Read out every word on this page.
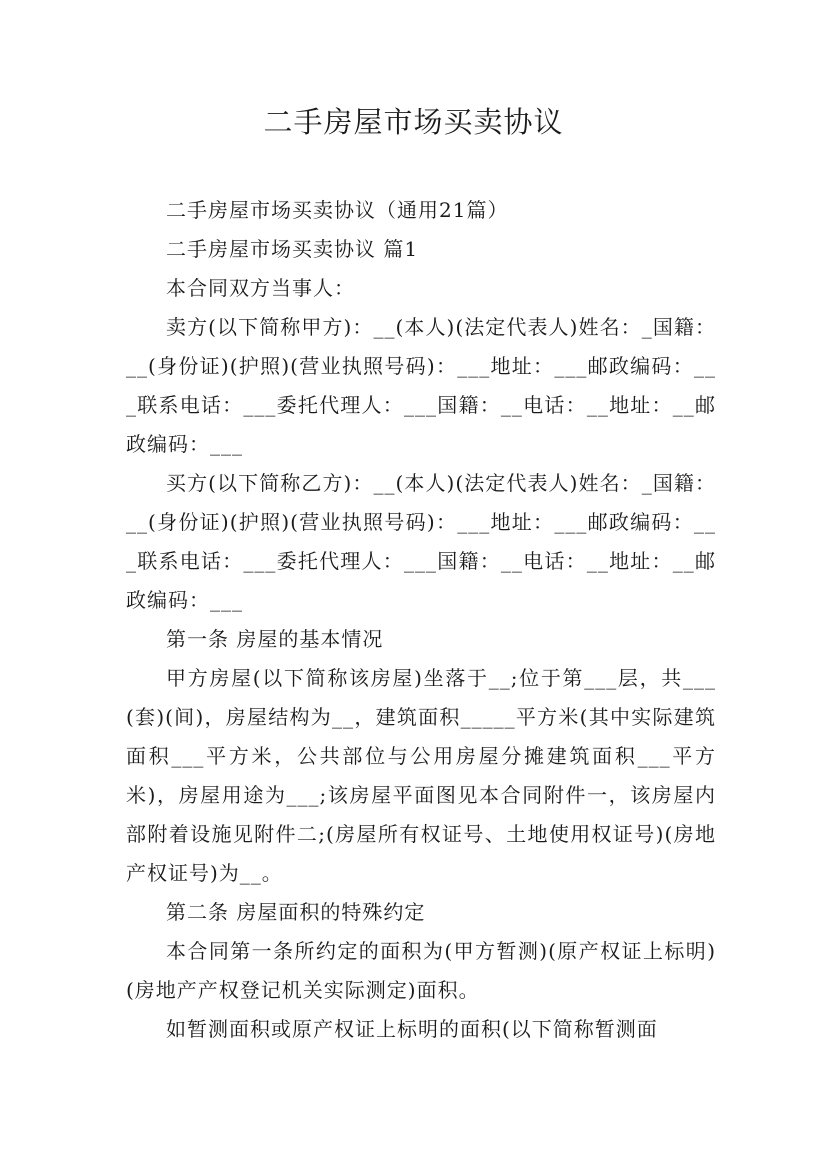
二手房屋市场买卖协议

二手房屋市场买卖协议（通用21篇）

二手房屋市场买卖协议 篇1

本合同双方当事人：

卖方(以下简称甲方)：__(本人)(法定代表人)姓名：_国籍：__(身份证)(护照)(营业执照号码)：___地址：___邮政编码：___联系电话：___委托代理人：___国籍：__电话：__地址：__邮政编码：___

买方(以下简称乙方)：__(本人)(法定代表人)姓名：_国籍：__(身份证)(护照)(营业执照号码)：___地址：___邮政编码：___联系电话：___委托代理人：___国籍：__电话：__地址：__邮政编码：___

第一条 房屋的基本情况

甲方房屋(以下简称该房屋)坐落于__;位于第___层，共___(套)(间)，房屋结构为__，建筑面积_____平方米(其中实际建筑面积___平方米，公共部位与公用房屋分摊建筑面积___平方米)，房屋用途为___;该房屋平面图见本合同附件一，该房屋内部附着设施见附件二;(房屋所有权证号、土地使用权证号)(房地产权证号)为__。

第二条 房屋面积的特殊约定

本合同第一条所约定的面积为(甲方暂测)(原产权证上标明)(房地产产权登记机关实际测定)面积。

如暂测面积或原产权证上标明的面积(以下简称暂测面
